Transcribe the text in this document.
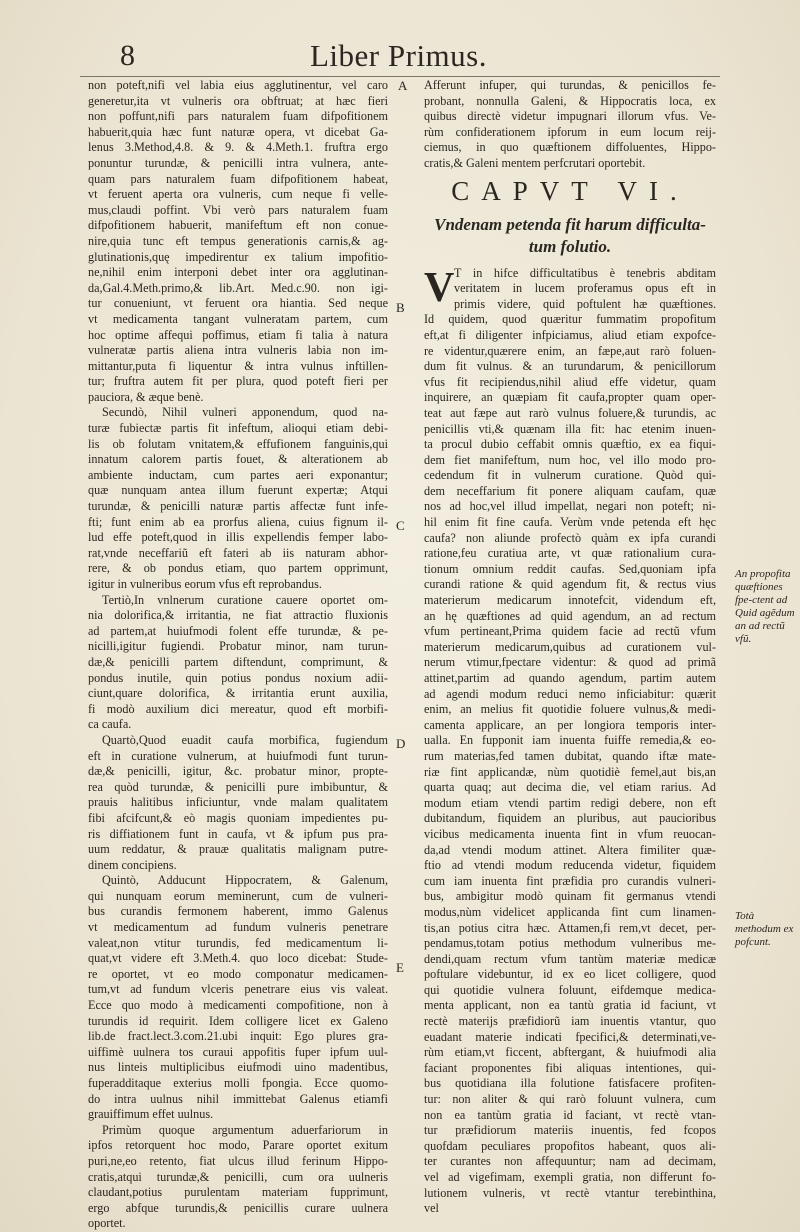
8	Liber Primus.
non poteft,nifi vel labia eius agglutinentur, vel caro
generetur,ita vt vulneris ora obftruat; at hæc fieri
non poffunt,nifi pars naturalem fuam difpofitionem
habuerit,quia hæc funt naturæ opera, vt dicebat Ga-
lenus 3.Method,4.8. & 9. & 4.Meth.1. fruftra ergo
ponuntur turundæ, & penicilli intra vulnera, ante-
quam pars naturalem fuam difpofitionem habeat,
vt feruent aperta ora vulneris, cum neque fi velle-
mus,claudi poffint. Vbi verò pars naturalem fuam
difpofitionem habuerit, manifeftum eft non conue-
nire,quia tunc eft tempus generationis carnis,& ag-
glutinationis,quę impedirentur ex talium impofitio-
ne,nihil enim interponi debet inter ora agglutinan-
da,Gal.4.Meth.primo,& lib.Art. Med.c.90. non igi-
tur conueniunt, vt feruent ora hiantia. Sed neque
vt medicamenta tangant vulneratam partem, cum
hoc optime affequi poffimus, etiam fi talia à natura
vulneratæ partis aliena intra vulneris labia non im-
mittantur,puta fi liquentur & intra vulnus inftillen-
tur; fruftra autem fit per plura, quod poteft fieri per
pauciora, & æque benè.
Secundò, Nihil vulneri apponendum, quod na-
turæ fubiectæ partis fit infeftum, alioqui etiam debi-
lis ob folutam vnitatem,& effufionem fanguinis,qui
innatum calorem partis fouet, & alterationem ab
ambiente inductam, cum partes aeri exponantur;
quæ nunquam antea illum fuerunt expertæ; Atqui
turundæ, & penicilli naturæ partis affectæ funt infe-
fti; funt enim ab ea prorfus aliena, cuius fignum il-
lud effe poteft,quod in illis expellendis femper labo-
rat,vnde neceffariũ eft fateri ab iis naturam abhor-
rere, & ob pondus etiam, quo partem opprimunt,
igitur in vulneribus eorum vfus eft reprobandus.
Tertiò,In vnlnerum curatione cauere oportet om-
nia dolorifica,& irritantia, ne fiat attractio fluxionis
ad partem,at huiufmodi folent effe turundæ, & pe-
nicilli,igitur fugiendi. Probatur minor, nam turun-
dæ,& penicilli partem diftendunt, comprimunt, &
pondus inutile, quin potius pondus noxium adii-
ciunt,quare dolorifica, & irritantia erunt auxilia,
fi modò auxilium dici mereatur, quod eft morbifi-
ca caufa.
Quartò,Quod euadit caufa morbifica, fugiendum
eft in curatione vulnerum, at huiufmodi funt turun-
dæ,& penicilli, igitur, &c. probatur minor, propte-
rea quòd turundæ, & penicilli pure imbibuntur, &
prauis halitibus inficiuntur, vnde malam qualitatem
fibi afcifcunt,& eò magis quoniam impedientes pu-
ris diffiationem funt in caufa, vt & ipfum pus pra-
uum reddatur, & prauæ qualitatis malignam putre-
dinem concipiens.
Quintò, Adducunt Hippocratem, & Galenum,
qui nunquam eorum meminerunt, cum de vulneri-
bus curandis fermonem haberent, immo Galenus
vt medicamentum ad fundum vulneris penetrare
valeat,non vtitur turundis, fed medicamentum li-
quat,vt videre eft 3.Meth.4. quo loco dicebat: Stude-
re oportet, vt eo modo componatur medicamen-
tum,vt ad fundum vlceris penetrare eius vis valeat.
Ecce quo modo à medicamenti compofitione, non à
turundis id requirit. Idem colligere licet ex Galeno
lib.de fract.lect.3.com.21.ubi inquit: Ego plures gra-
uiffimè uulnera tos curaui appofitis fuper ipfum uul-
nus linteis multiplicibus eiufmodi uino madentibus,
fuperadditaque exterius molli fpongia. Ecce quomo-
do intra uulnus nihil immittebat Galenus etiamfi
grauiffimum effet uulnus.
Primùm quoque argumentum aduerfariorum in
ipfos retorquent hoc modo, Parare oportet exitum
puri,ne,eo retento, fiat ulcus illud ferinum Hippo-
cratis,atqui turundæ,& penicilli, cum ora uulneris
claudant,potius purulentam materiam fupprimunt,
ergo abfque turundis,& penicillis curare uulnera
oportet.
Afferunt infuper, qui turundas, & penicillos fe-
probant, nonnulla Galeni, & Hippocratis loca, ex
quibus directè videtur impugnari illorum vfus. Ve-
rùm confiderationem ipforum in eum locum reij-
ciemus, in quo quæftionem diffoluentes, Hippo-
cratis,& Galeni mentem perfcrutari oportebit.
CAPVT VI.
Vndenam petenda fit harum difficulta-
tum folutio.
V T in hifce difficultatibus è tenebris abditam
veritatem in lucem proferamus opus eft in
primis videre, quid poftulent hæ quæftiones.
Id quidem, quod quæritur fummatim propofitum
eft,at fi diligenter infpiciamus, aliud etiam expofce-
re videntur,quærere enim, an fæpe,aut rarò foluen-
dum fit vulnus. & an turundarum, & penicillorum
vfus fit recipiendus,nihil aliud effe videtur, quam
inquirere, an quæpiam fit caufa,propter quam oper-
teat aut fæpe aut rarò vulnus foluere,& turundis, ac
penicillis vti,& quænam illa fit: hac etenim inuen-
ta procul dubio ceffabit omnis quæftio, ex ea fiqui-
dem fiet manifeftum, num hoc, vel illo modo pro-
cedendum fit in vulnerum curatione. Quòd qui-
dem neceffarium fit ponere aliquam caufam, quæ
nos ad hoc,vel illud impellat, negari non poteft; ni-
hil enim fit fine caufa. Verùm vnde petenda eft hęc
caufa? non aliunde profectò quàm ex ipfa curandi
ratione,feu curatiua arte, vt quæ rationalium cura-
tionum omnium reddit caufas. Sed,quoniam ipfa
curandi ratione & quid agendum fit, & rectus vius
materierum medicarum innotefcit, videndum eft,
an hę quæftiones ad quid agendum, an ad rectum
vfum pertineant,Prima quidem facie ad rectũ vfum
materierum medicarum,quibus ad curationem vul-
nerum vtimur,fpectare videntur: & quod ad primã
attinet,partim ad quando agendum, partim autem
ad agendi modum reduci nemo inficiabitur: quærit
enim, an melius fit quotidie foluere vulnus,& medi-
camenta applicare, an per longiora temporis inter-
ualla. En fupponit iam inuenta fuiffe remedia,& eo-
rum materias,fed tamen dubitat, quando iftæ mate-
riæ fint applicandæ, nùm quotidiè femel,aut bis,an
quarta quaq; aut decima die, vel etiam rarius. Ad
modum etiam vtendi partim redigi debere, non eft
dubitandum, fiquidem an pluribus, aut paucioribus
vicibus medicamenta inuenta fint in vfum reuocan-
da,ad vtendi modum attinet. Altera fimiliter quæ-
ftio ad vtendi modum reducenda videtur, fiquidem
cum iam inuenta fint præfidia pro curandis vulneri-
bus, ambigitur modò quinam fit germanus vtendi
modus,nùm videlicet applicanda fint cum linamen-
tis,an potius citra hæc. Attamen,fi rem,vt decet, per-
pendamus,totam potius methodum vulneribus me-
dendi,quam rectum vfum tantùm materiæ medicæ
poftulare videbuntur, id ex eo licet colligere, quod
qui quotidie vulnera foluunt, eifdemque medica-
menta applicant, non ea tantù gratia id faciunt, vt
rectè materijs præfidiorũ iam inuentis vtantur, quo
euadant materie indicati fpecifici,& determinati,ve-
rùm etiam,vt ficcent, abftergant, & huiufmodi alia
faciant proponentes fibi aliquas intentiones, qui-
bus quotidiana illa folutione fatisfacere profiten-
tur: non aliter & qui rarò foluunt vulnera, cum
non ea tantùm gratia id faciant, vt rectè vtan-
tur præfidiorum materiis inuentis, fed fcopos
quofdam peculiares propofitos habeant, quos ali-
ter curantes non affequuntur; nam ad decimam,
vel ad vigefimam, exempli gratia, non differunt fo-
lutionem vulneris, vt rectè vtantur terebinthina,
vel
A
B
C
D
E
An propofita quæftiones fpe-ctent ad Quid agẽdum an ad rectũ vfũ.
Totà methodum ex pofcunt.
